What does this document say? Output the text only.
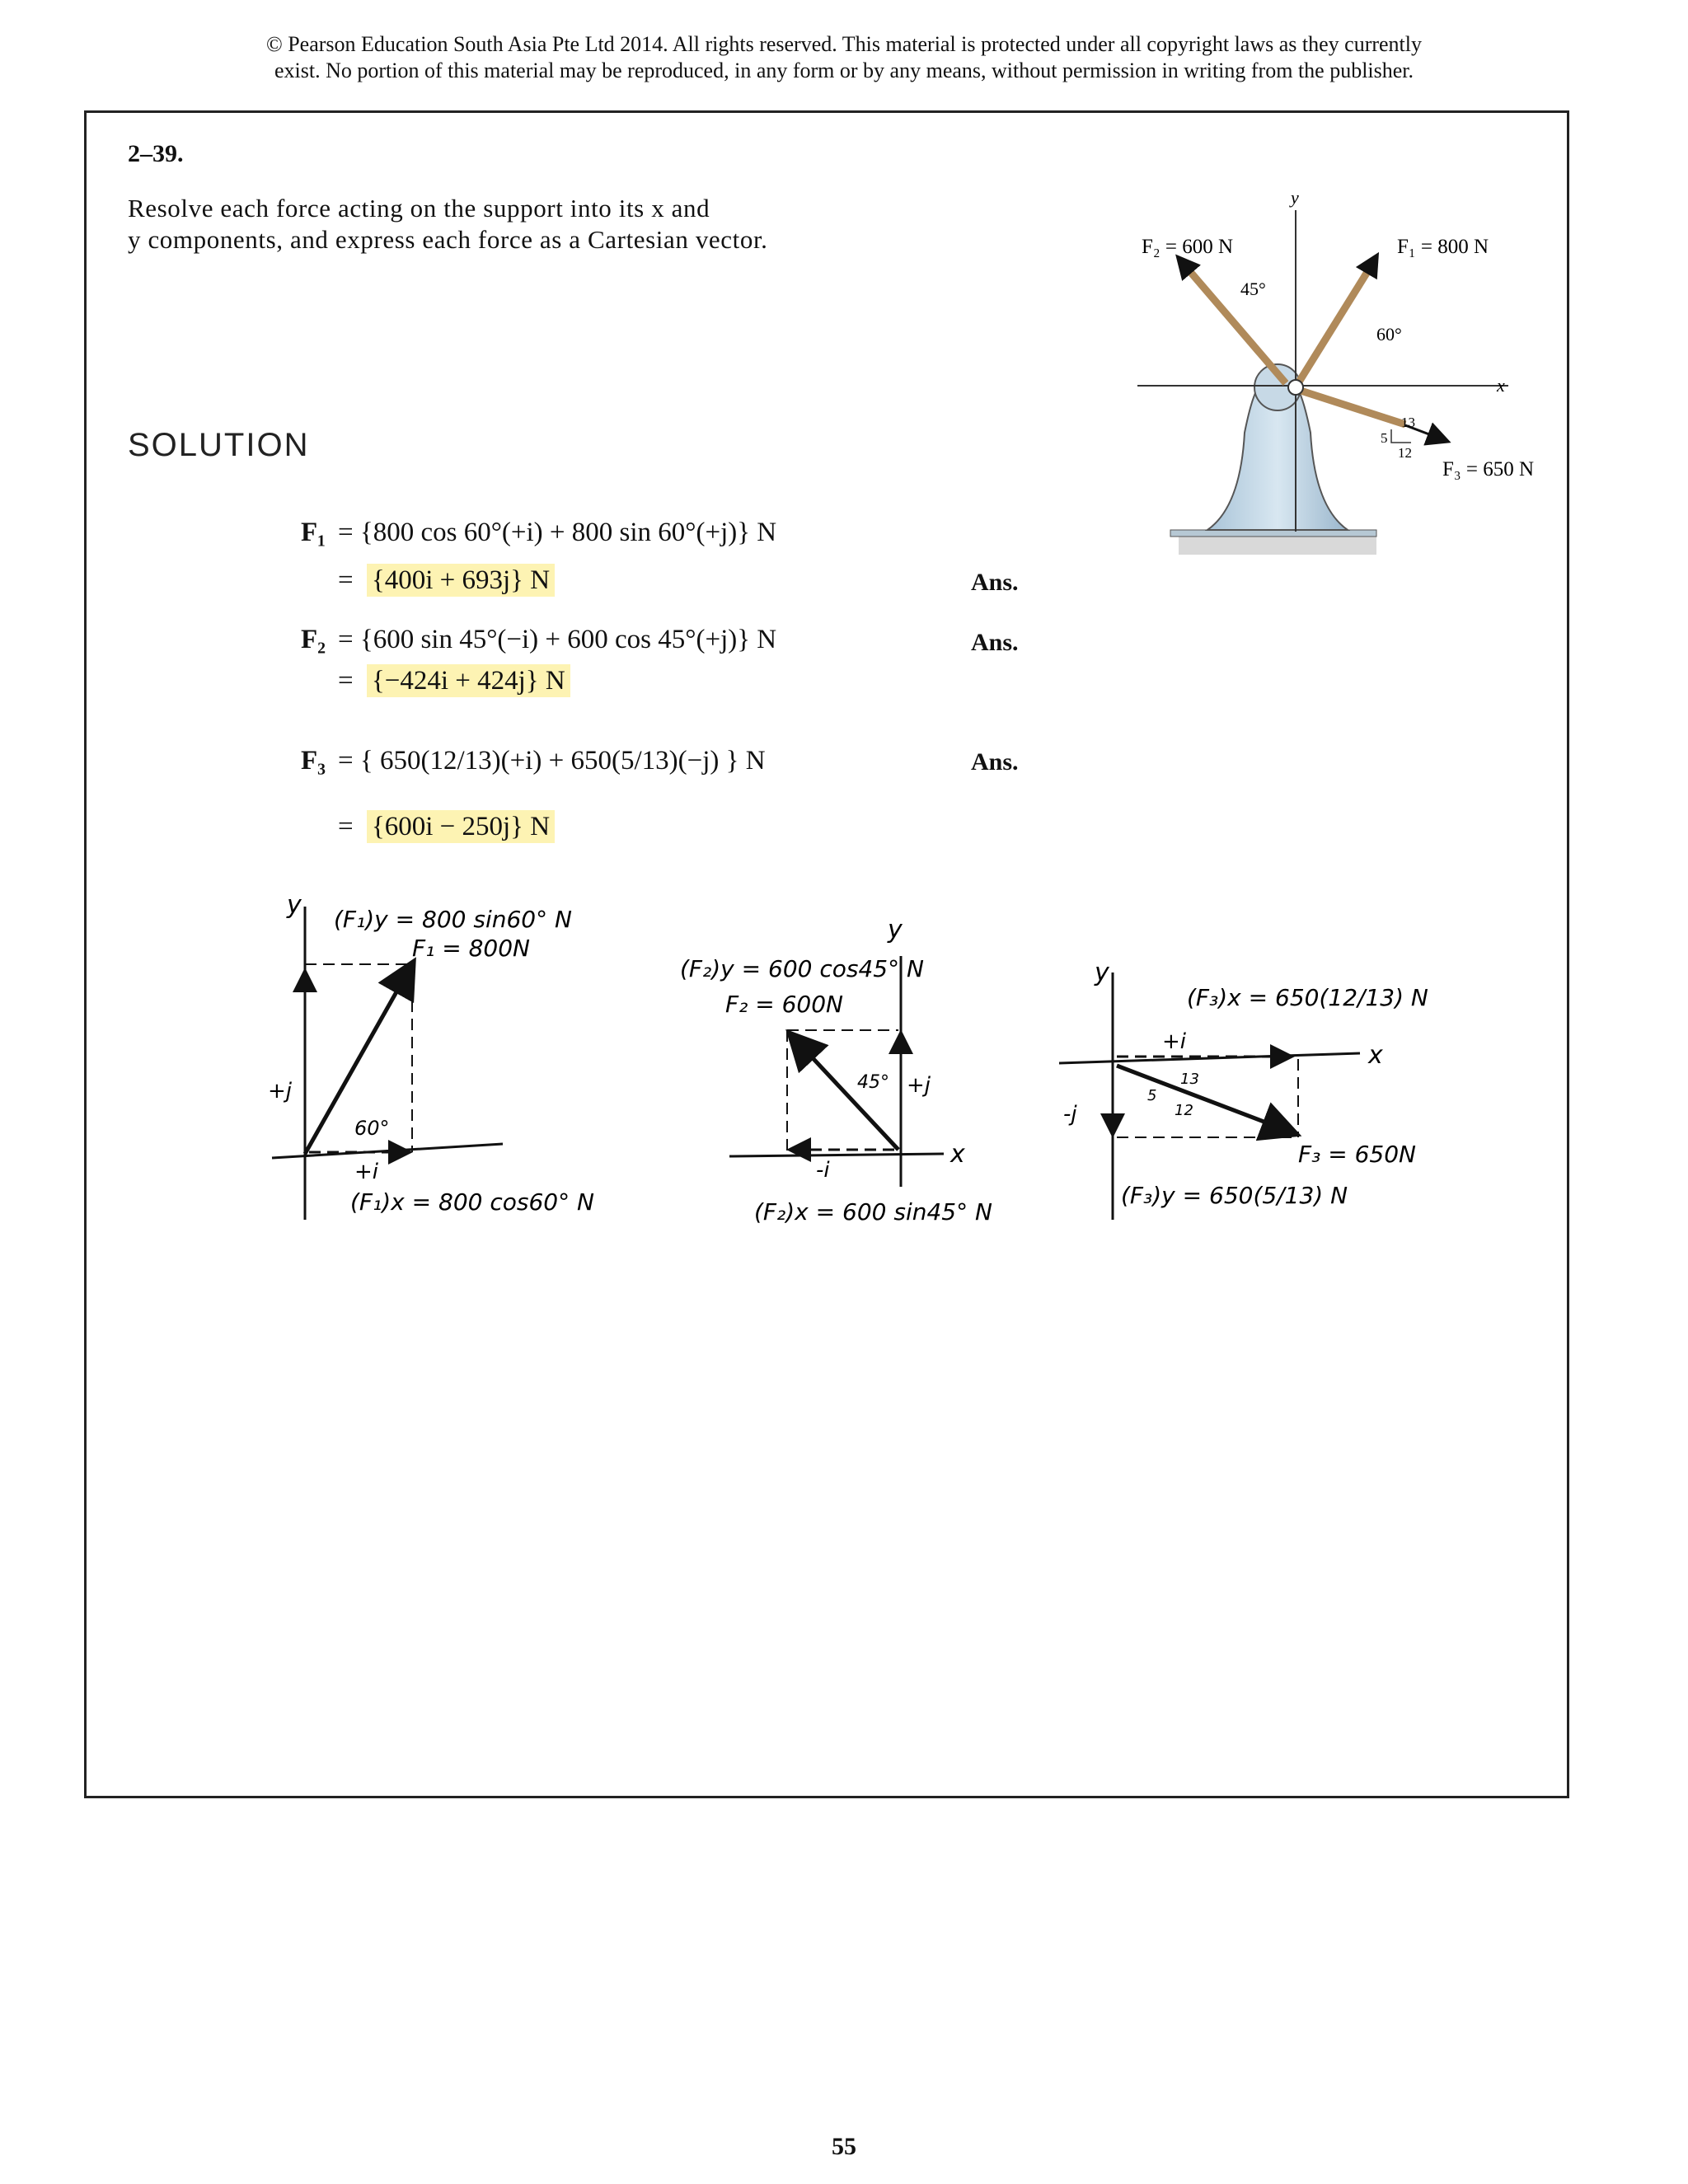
© Pearson Education South Asia Pte Ltd 2014. All rights reserved. This material is protected under all copyright laws as they currently
exist. No portion of this material may be reproduced, in any form or by any means, without permission in writing from the publisher.
2–39.
Resolve each force acting on the support into its x and
y components, and express each force as a Cartesian vector.	F₂ = 600 N	F₁ = 800 N
F₃ = 650 N
45°
60°
y
x
13
5
12
SOLUTION
F₁ = {800 cos 60°(+i) + 800 sin 60°(+j)} N
= {400i + 693j} N	Ans.
F₂ = {600 sin 45°(−i) + 600 cos 45°(+j)} N	Ans.
= {−424i + 424j} N
F₃ = { 650(12/13)(+i) + 650(5/13)(−j) } N	Ans.
= {600i − 250j} N
y (F₁)y = 800 sin60° N
F₁ = 800N
+j
60°
+i
(F₁)x = 800 cos60° N
y
(F₂)y = 600 cos45° N
F₂ = 600N
45° +j
x
-i
(F₂)x = 600 sin45° N
y
(F₃)x = 650(12/13) N
+i	x
13
5
12
-j
F₃ = 650N
(F₃)y = 650(5/13) N
55
